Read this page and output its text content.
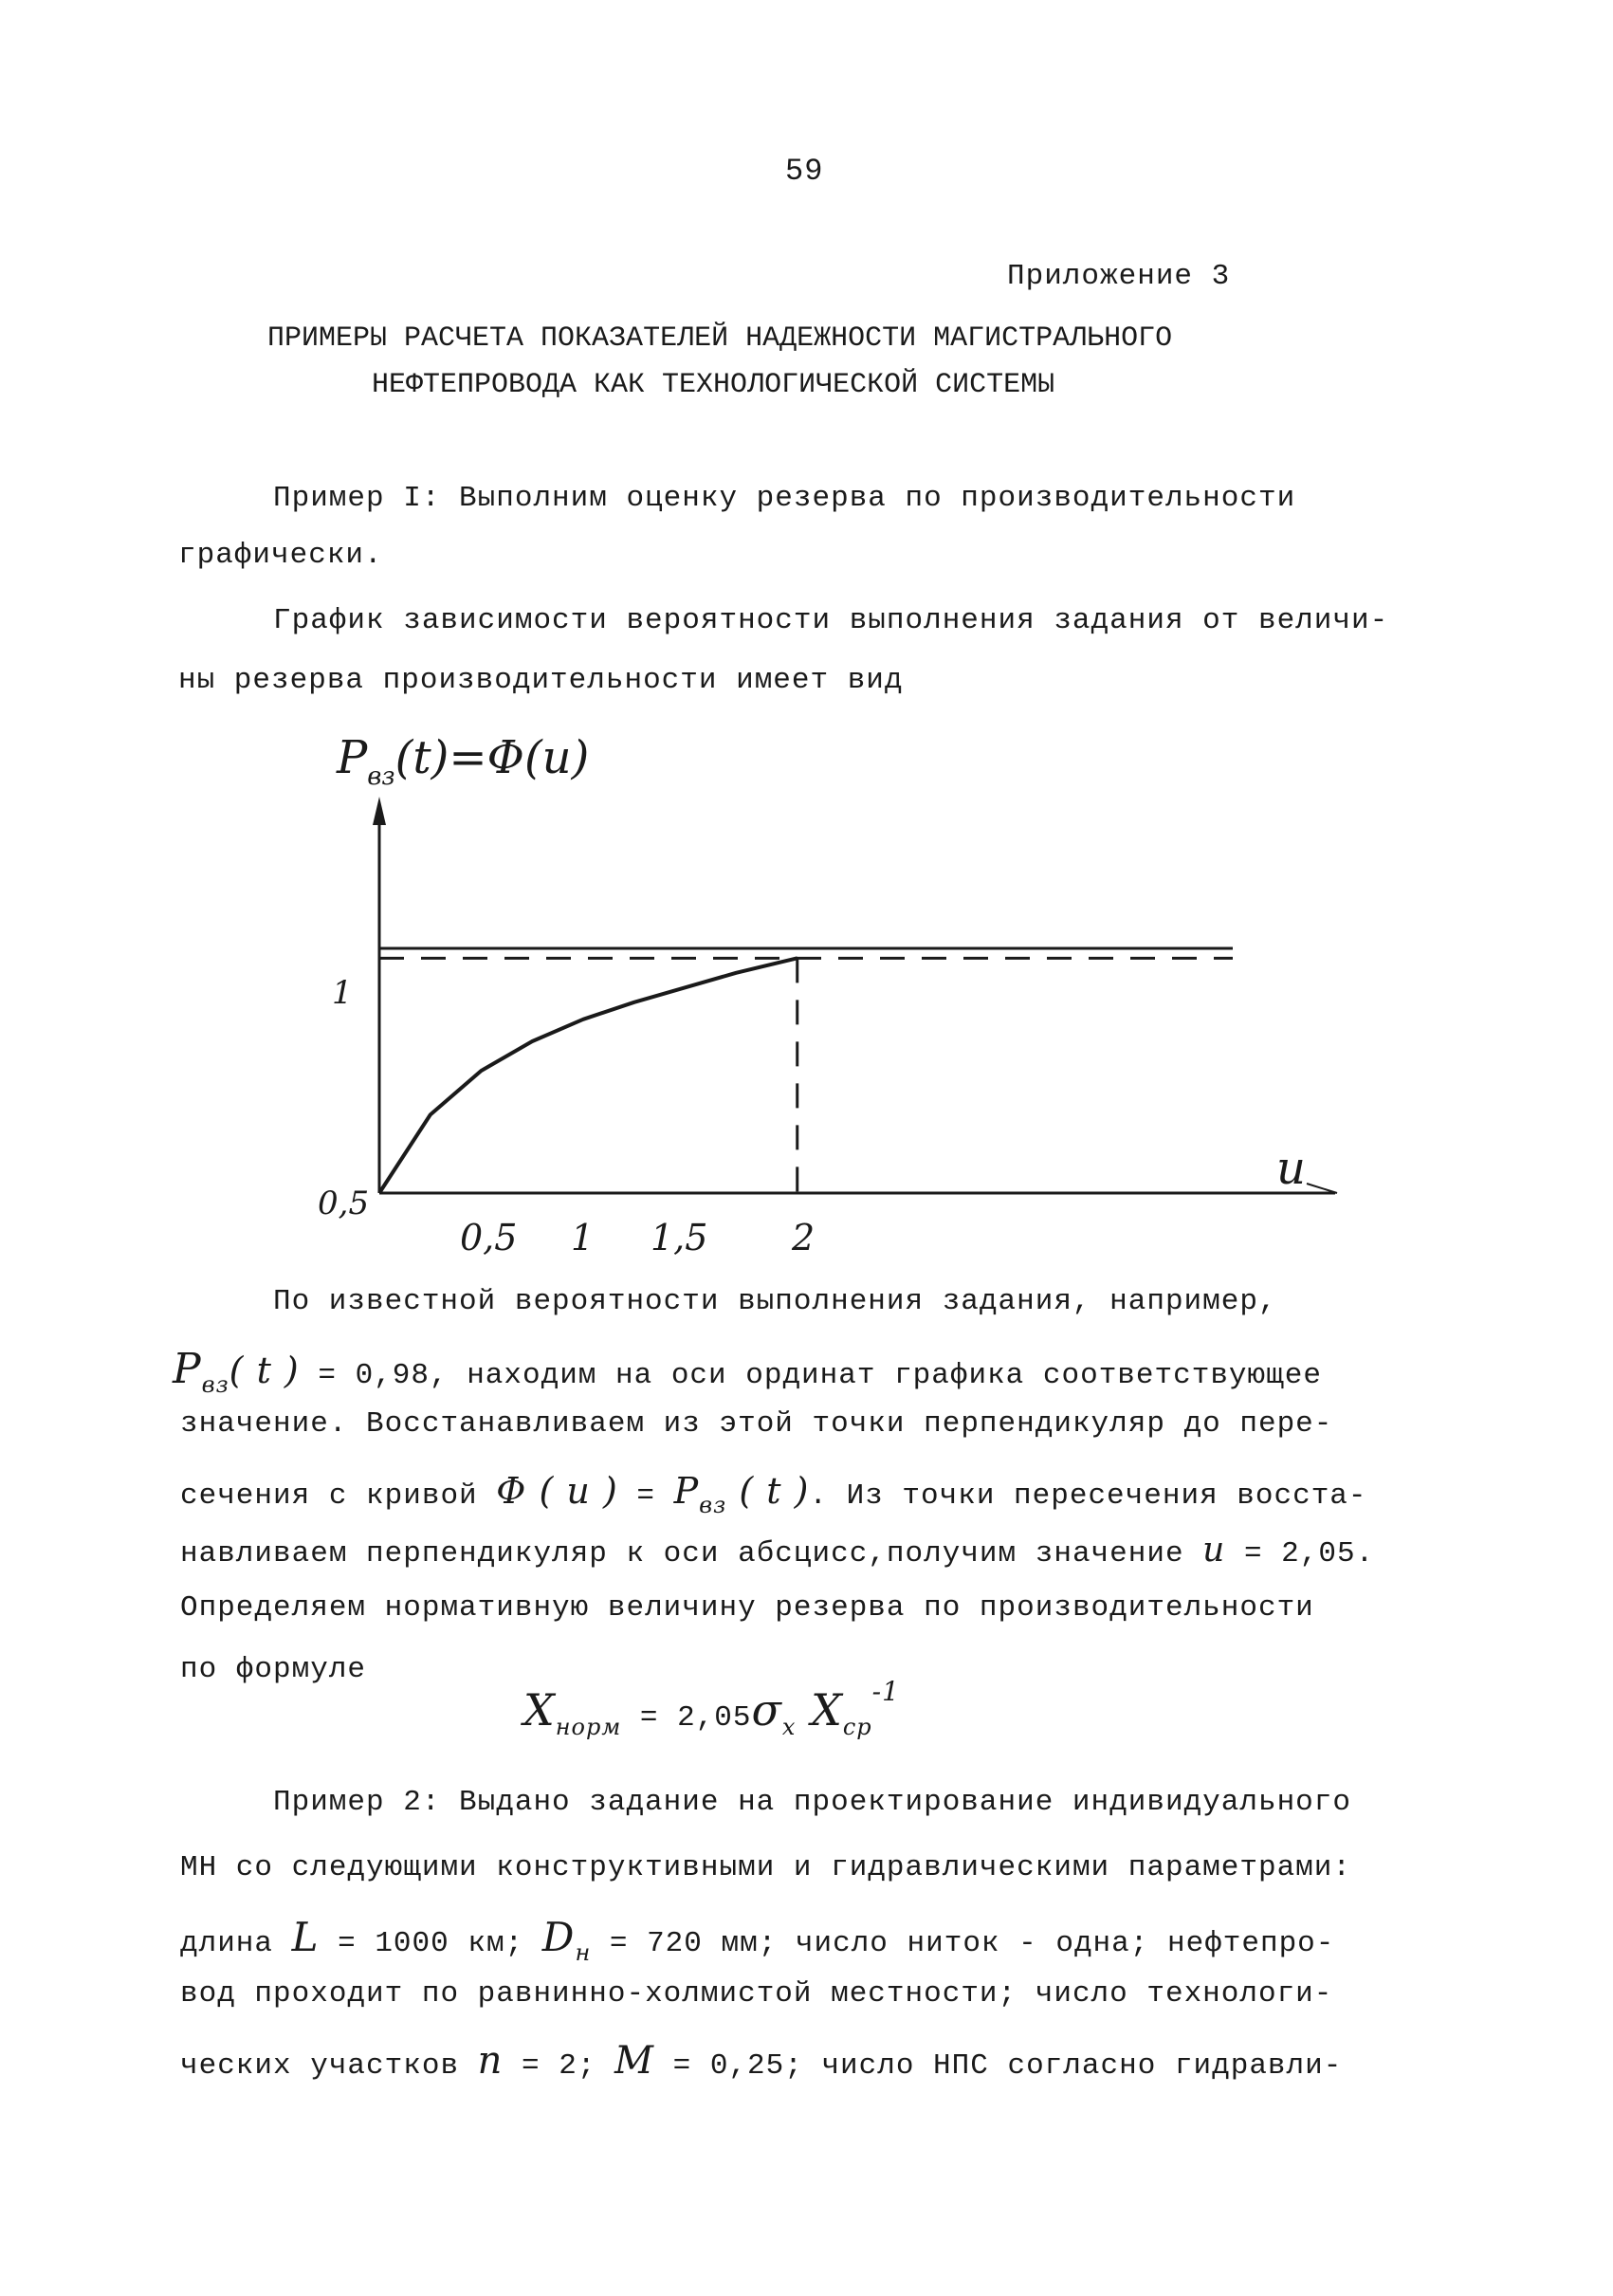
59
Приложение 3
ПРИМЕРЫ РАСЧЕТА ПОКАЗАТЕЛЕЙ НАДЕЖНОСТИ МАГИСТРАЛЬНОГО
НЕФТЕПРОВОДА КАК ТЕХНОЛОГИЧЕСКОЙ СИСТЕМЫ
Пример I: Выполним оценку резерва по производительности
графически.
График зависимости вероятности выполнения задания от величи-
ны резерва производительности имеет вид
$P_{вз}(t)=\Phi(u)$
u
0,5
1
0,5 1 1,5 2
По известной вероятности выполнения задания, например,
$P_{вз}$( t ) = 0,98, находим на оси ординат графика соответствующее
значение. Восстанавливаем из этой точки перпендикуляр до пере-
сечения с кривой Φ ( u ) = $P_{вз}$ ( t ). Из точки пересечения восста-
навливаем перпендикуляр к оси абсцисс,получим значение u = 2,05.
Определяем нормативную величину резерва по производительности
по формуле
$X_{норм} = 2,05\sigma_x$ $X_{ср}-1$
Пример 2: Выдано задание на проектирование индивидуального
МН со следующими конструктивными и гидравлическими параметрами:
длина L = 1000 км; $D_н = 720$ мм; число ниток - одна; нефтепро-
вод проходит по равнинно-холмистой местности; число технологи-
ческих участков n = 2; M = 0,25; число НПС согласно гидравли-
